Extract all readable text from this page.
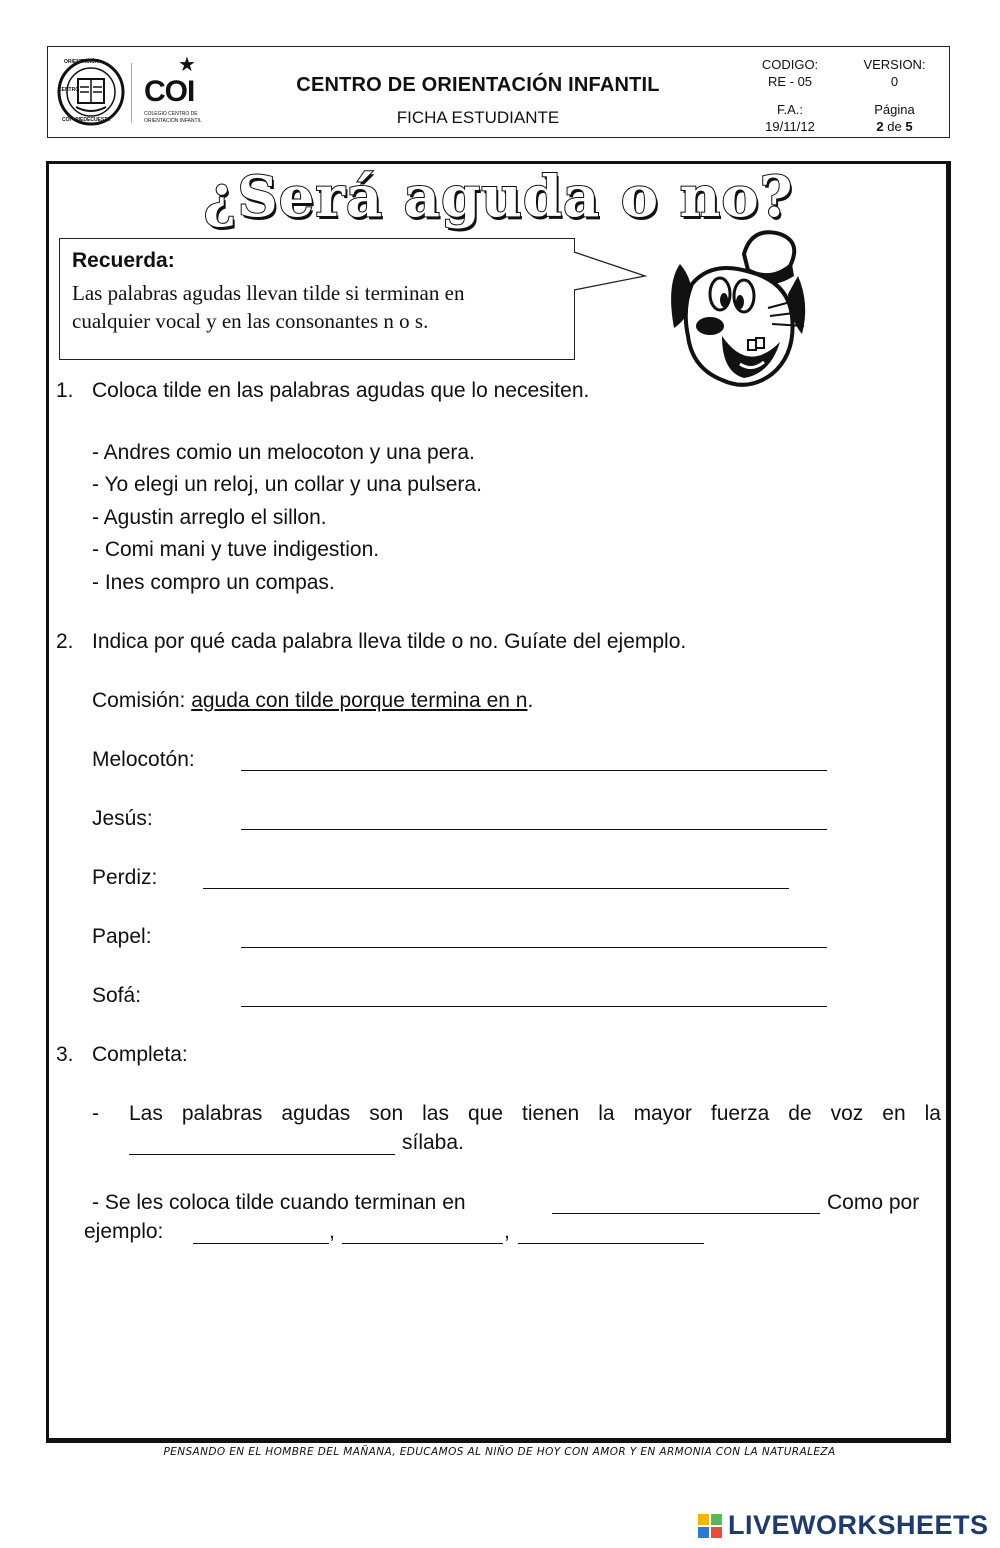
ORIENTACIÓN
CENTRO
COI - PIEDECUESTA
★
COI
COLEGIO CENTRO DE
ORIENTACIÓN INFANTIL
CENTRO DE ORIENTACIÓN INFANTIL
FICHA ESTUDIANTE
CODIGO:
RE - 05
VERSION:
0
F.A.:
19/11/12
Página
2 de 5
¿Será aguda o no?
Recuerda:
Las palabras agudas llevan tilde si terminan en
cualquier vocal y en las consonantes n o s.
1. Coloca tilde en las palabras agudas que lo necesiten.
- Andres comio un melocoton y una pera.
- Yo elegi un reloj, un collar y una pulsera.
- Agustin arreglo el sillon.
- Comi mani y tuve indigestion.
- Ines compro un compas.
2. Indica por qué cada palabra lleva tilde o no. Guíate del ejemplo.
Comisión: aguda con tilde porque termina en n.
Melocotón:
Jesús:
Perdiz:
Papel:
Sofá:
3. Completa:
- Las palabras agudas son las que tienen la mayor fuerza de voz en la
sílaba.
- Se les coloca tilde cuando terminan en	Como por
ejemplo:	,	,
PENSANDO EN EL HOMBRE DEL MAÑANA, EDUCAMOS AL NIÑO DE HOY CON AMOR Y EN ARMONIA CON LA NATURALEZA
LIVEWORKSHEETS
